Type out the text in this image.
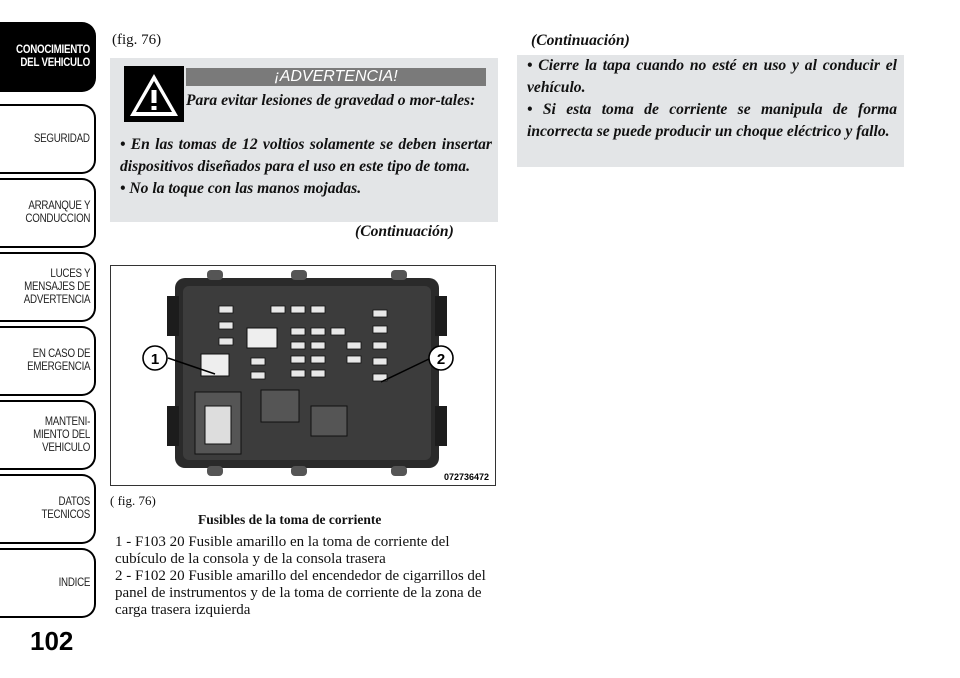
CONOCIMIENTO
DEL VEHICULO
SEGURIDAD
ARRANQUE Y
CONDUCCION
LUCES Y
MENSAJES DE
ADVERTENCIA
EN CASO DE
EMERGENCIA
MANTENI-
MIENTO DEL
VEHICULO
DATOS
TECNICOS
INDICE
102
(fig. 76)
¡ADVERTENCIA!
Para evitar lesiones de gravedad o mor-tales:
• En las tomas de 12 voltios solamente se deben insertar dispositivos diseñados para el uso en este tipo de toma.
• No la toque con las manos mojadas.
(Continuación)
1	2
072736472
( fig. 76)
Fusibles de la toma de corriente
1 - F103 20 Fusible amarillo en la toma de corriente del cubículo de la consola y de la consola trasera
2 - F102 20 Fusible amarillo del encendedor de cigarrillos del panel de instrumentos y de la toma de corriente de la zona de carga trasera izquierda
(Continuación)
• Cierre la tapa cuando no esté en uso y al conducir el vehículo.
• Si esta toma de corriente se manipula de forma incorrecta se puede producir un choque eléctrico y fallo.
